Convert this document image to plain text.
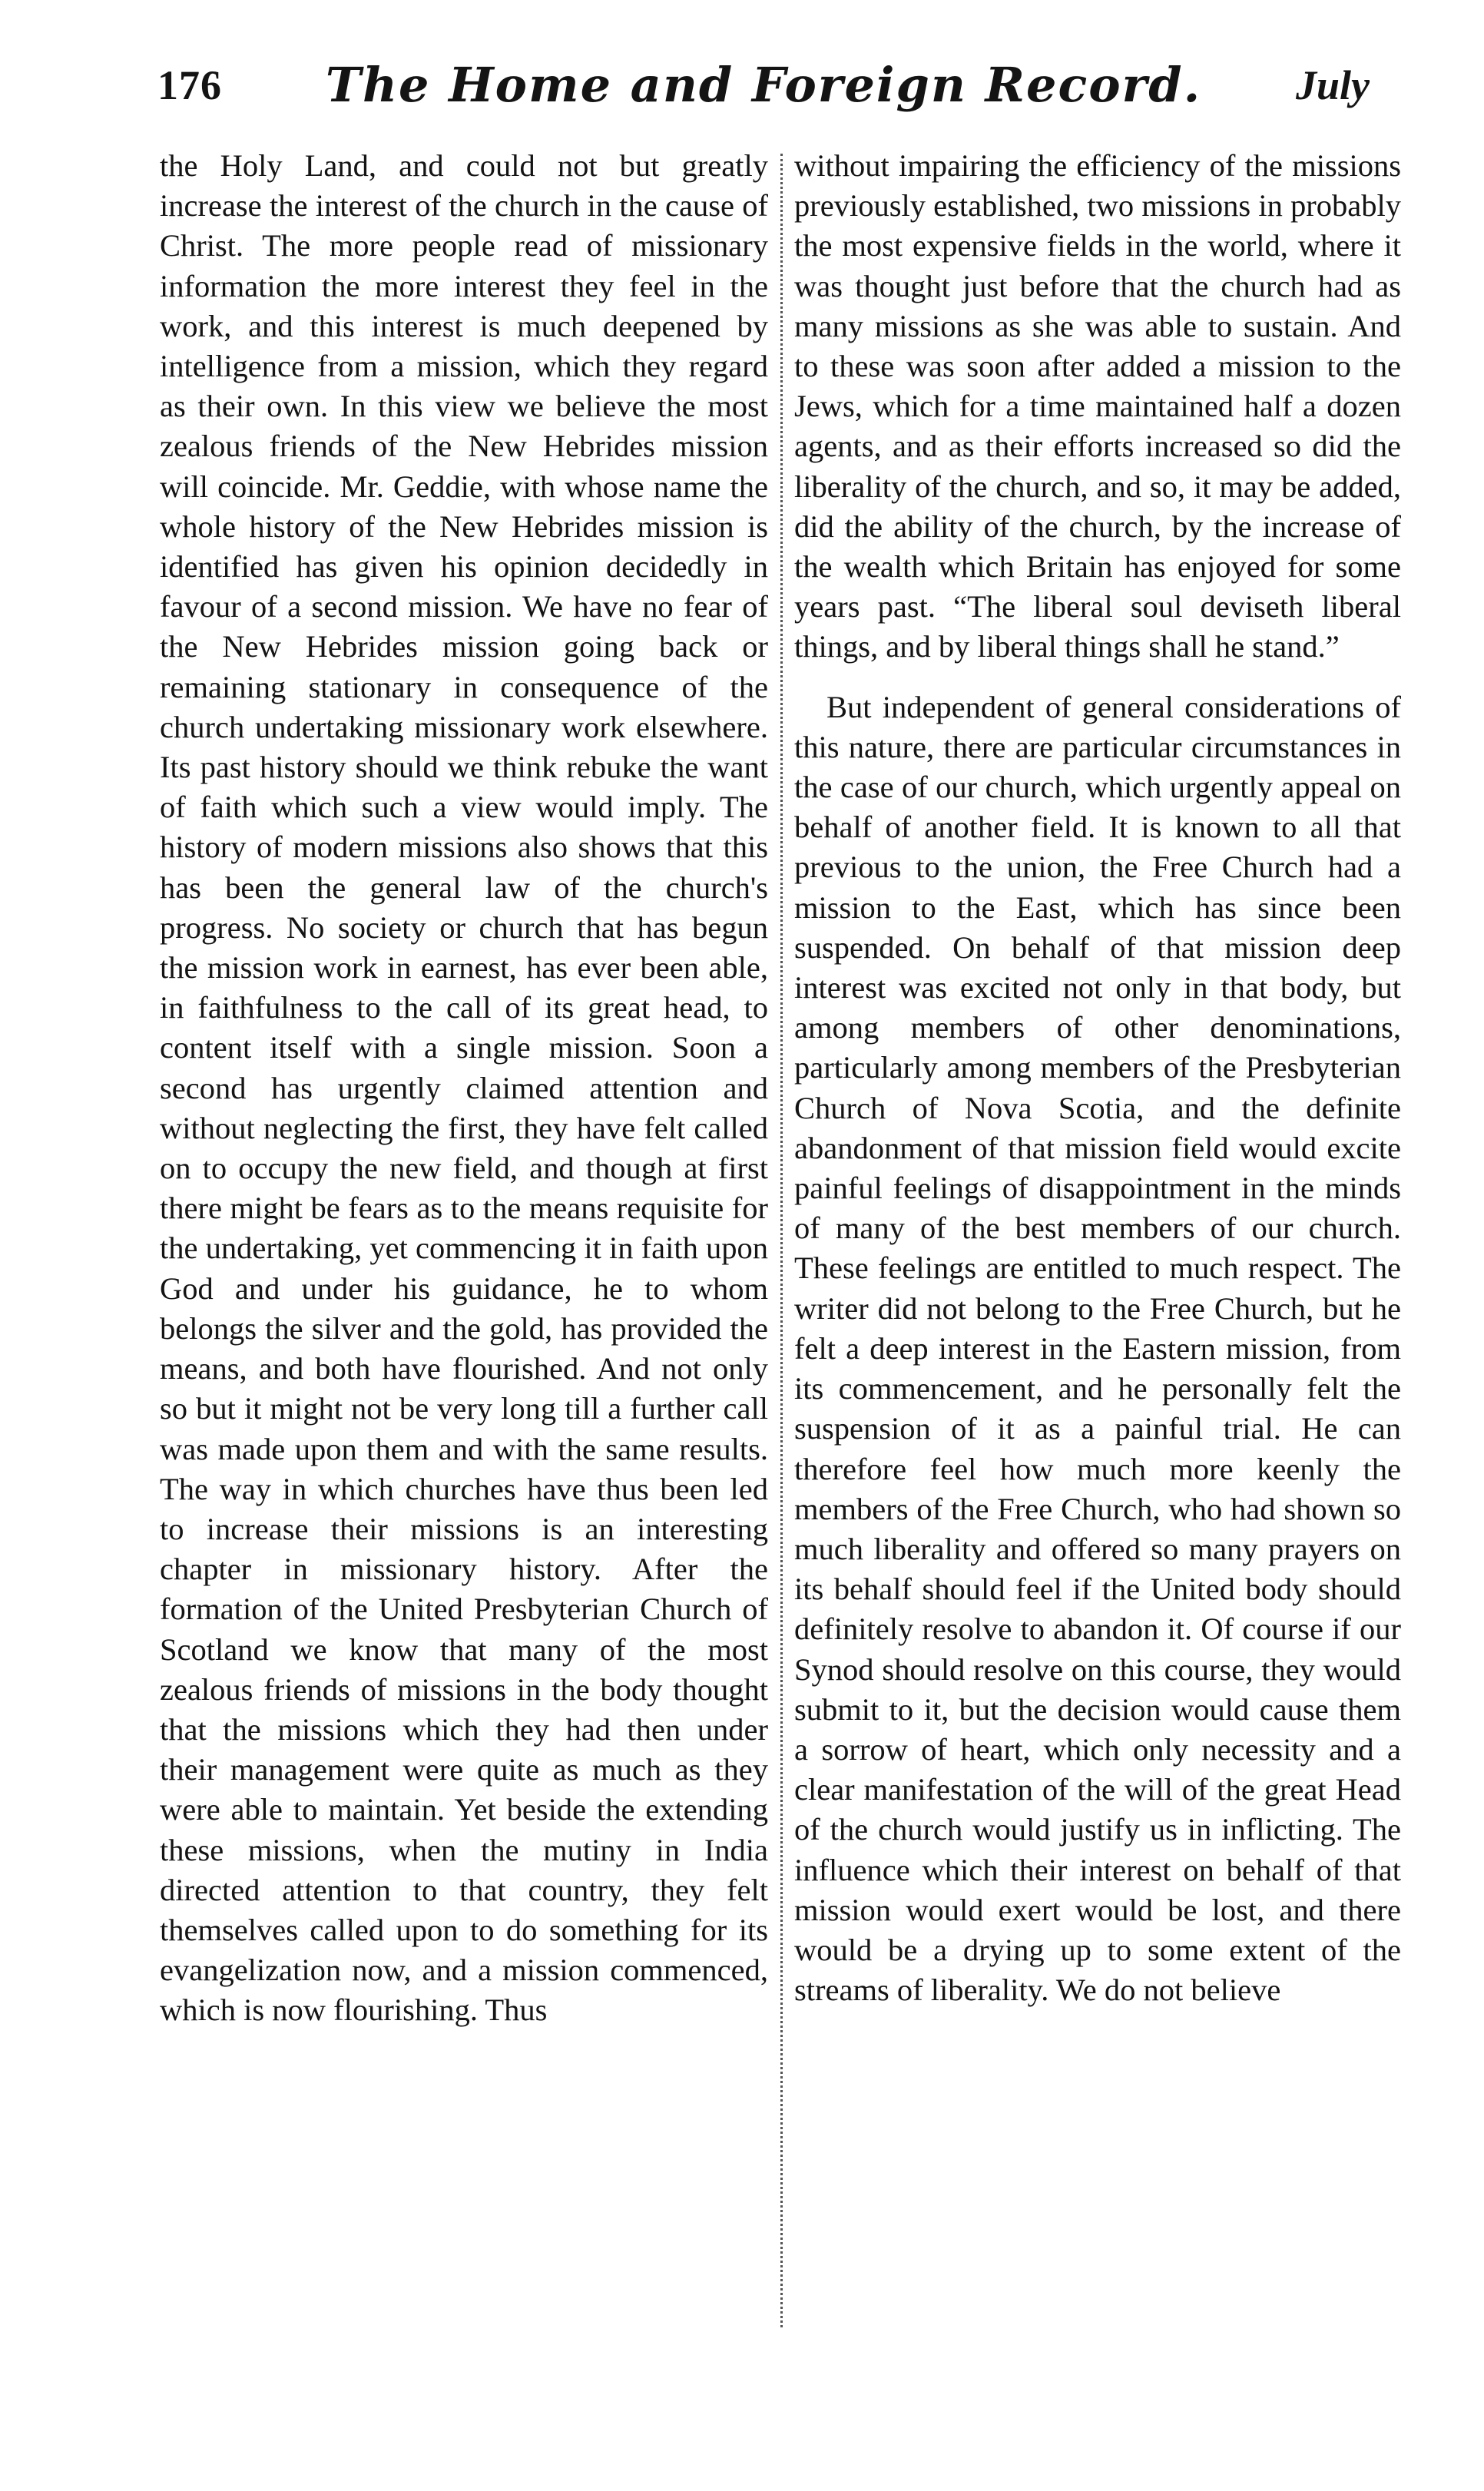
176	The Home and Foreign Record.	July

the Holy Land, and could not but greatly increase the interest of the church in the cause of Christ. The more people read of missionary information the more interest they feel in the work, and this interest is much deepened by intelligence from a mission, which they regard as their own. In this view we believe the most zealous friends of the New Hebrides mission will coincide. Mr. Geddie, with whose name the whole history of the New Hebrides mission is identified has given his opinion decidedly in favour of a second mission. We have no fear of the New Hebrides mission going back or remaining stationary in consequence of the church undertaking missionary work elsewhere. Its past history should we think rebuke the want of faith which such a view would imply. The history of modern missions also shows that this has been the general law of the church's progress. No society or church that has begun the mission work in earnest, has ever been able, in faithfulness to the call of its great head, to content itself with a single mission. Soon a second has urgently claimed attention and without neglecting the first, they have felt called on to occupy the new field, and though at first there might be fears as to the means requisite for the undertaking, yet commencing it in faith upon God and under his guidance, he to whom belongs the silver and the gold, has provided the means, and both have flourished. And not only so but it might not be very long till a further call was made upon them and with the same results. The way in which churches have thus been led to increase their missions is an interesting chapter in missionary history. After the formation of the United Presbyterian Church of Scotland we know that many of the most zealous friends of missions in the body thought that the missions which they had then under their management were quite as much as they were able to maintain. Yet beside the extending these missions, when the mutiny in India directed attention to that country, they felt themselves called upon to do something for its evangelization now, and a mission commenced, which is now flourishing. Thus

without impairing the efficiency of the missions previously established, two missions in probably the most expensive fields in the world, where it was thought just before that the church had as many missions as she was able to sustain. And to these was soon after added a mission to the Jews, which for a time maintained half a dozen agents, and as their efforts increased so did the liberality of the church, and so, it may be added, did the ability of the church, by the increase of the wealth which Britain has enjoyed for some years past. “The liberal soul deviseth liberal things, and by liberal things shall he stand.”

But independent of general considerations of this nature, there are particular circumstances in the case of our church, which urgently appeal on behalf of another field. It is known to all that previous to the union, the Free Church had a mission to the East, which has since been suspended. On behalf of that mission deep interest was excited not only in that body, but among members of other denominations, particularly among members of the Presbyterian Church of Nova Scotia, and the definite abandonment of that mission field would excite painful feelings of disappointment in the minds of many of the best members of our church. These feelings are entitled to much respect. The writer did not belong to the Free Church, but he felt a deep interest in the Eastern mission, from its commencement, and he personally felt the suspension of it as a painful trial. He can therefore feel how much more keenly the members of the Free Church, who had shown so much liberality and offered so many prayers on its behalf should feel if the United body should definitely resolve to abandon it. Of course if our Synod should resolve on this course, they would submit to it, but the decision would cause them a sorrow of heart, which only necessity and a clear manifestation of the will of the great Head of the church would justify us in inflicting. The influence which their interest on behalf of that mission would exert would be lost, and there would be a drying up to some extent of the streams of liberality. We do not believe
